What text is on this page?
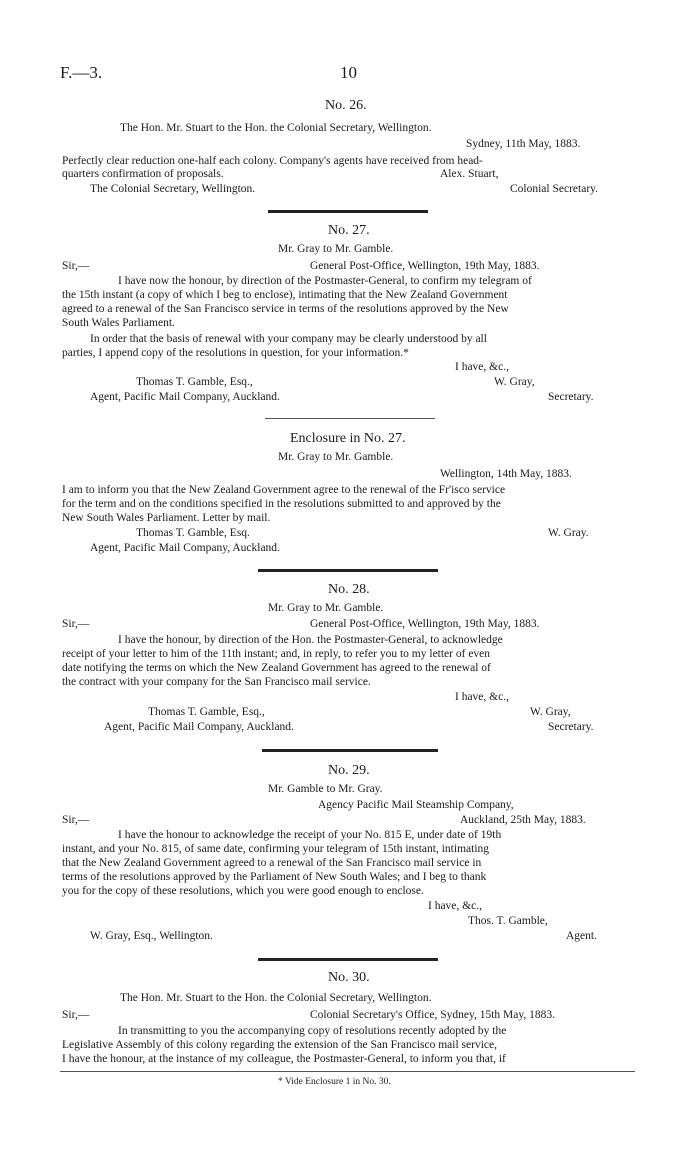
F.—3.	10
No. 26.
The Hon. Mr. Stuart to the Hon. the Colonial Secretary, Wellington.
Sydney, 11th May, 1883.
Perfectly clear reduction one-half each colony. Company's agents have received from head-
quarters confirmation of proposals.	Alex. Stuart,
The Colonial Secretary, Wellington.	Colonial Secretary.
No. 27.
Mr. Gray to Mr. Gamble.
Sir,—	General Post-Office, Wellington, 19th May, 1883.
I have now the honour, by direction of the Postmaster-General, to confirm my telegram of
the 15th instant (a copy of which I beg to enclose), intimating that the New Zealand Government
agreed to a renewal of the San Francisco service in terms of the resolutions approved by the New
South Wales Parliament.
In order that the basis of renewal with your company may be clearly understood by all
parties, I append copy of the resolutions in question, for your information.*
I have, &c.,
Thomas T. Gamble, Esq.,	W. Gray,
Agent, Pacific Mail Company, Auckland.	Secretary.
Enclosure in No. 27.
Mr. Gray to Mr. Gamble.
Wellington, 14th May, 1883.
I am to inform you that the New Zealand Government agree to the renewal of the Fr'isco service
for the term and on the conditions specified in the resolutions submitted to and approved by the
New South Wales Parliament. Letter by mail.
Thomas T. Gamble, Esq.	W. Gray.
Agent, Pacific Mail Company, Auckland.
No. 28.
Mr. Gray to Mr. Gamble.
Sir,—	General Post-Office, Wellington, 19th May, 1883.
I have the honour, by direction of the Hon. the Postmaster-General, to acknowledge
receipt of your letter to him of the 11th instant; and, in reply, to refer you to my letter of even
date notifying the terms on which the New Zealand Government has agreed to the renewal of
the contract with your company for the San Francisco mail service.
I have, &c.,
Thomas T. Gamble, Esq.,	W. Gray,
Agent, Pacific Mail Company, Auckland.	Secretary.
No. 29.
Mr. Gamble to Mr. Gray.
Agency Pacific Mail Steamship Company,
Sir,—	Auckland, 25th May, 1883.
I have the honour to acknowledge the receipt of your No. 815 E, under date of 19th
instant, and your No. 815, of same date, confirming your telegram of 15th instant, intimating
that the New Zealand Government agreed to a renewal of the San Francisco mail service in
terms of the resolutions approved by the Parliament of New South Wales; and I beg to thank
you for the copy of these resolutions, which you were good enough to enclose.
I have, &c.,
Thos. T. Gamble,
W. Gray, Esq., Wellington.	Agent.
No. 30.
The Hon. Mr. Stuart to the Hon. the Colonial Secretary, Wellington.
Sir,—	Colonial Secretary's Office, Sydney, 15th May, 1883.
In transmitting to you the accompanying copy of resolutions recently adopted by the
Legislative Assembly of this colony regarding the extension of the San Francisco mail service,
I have the honour, at the instance of my colleague, the Postmaster-General, to inform you that, if
* Vide Enclosure 1 in No. 30.
